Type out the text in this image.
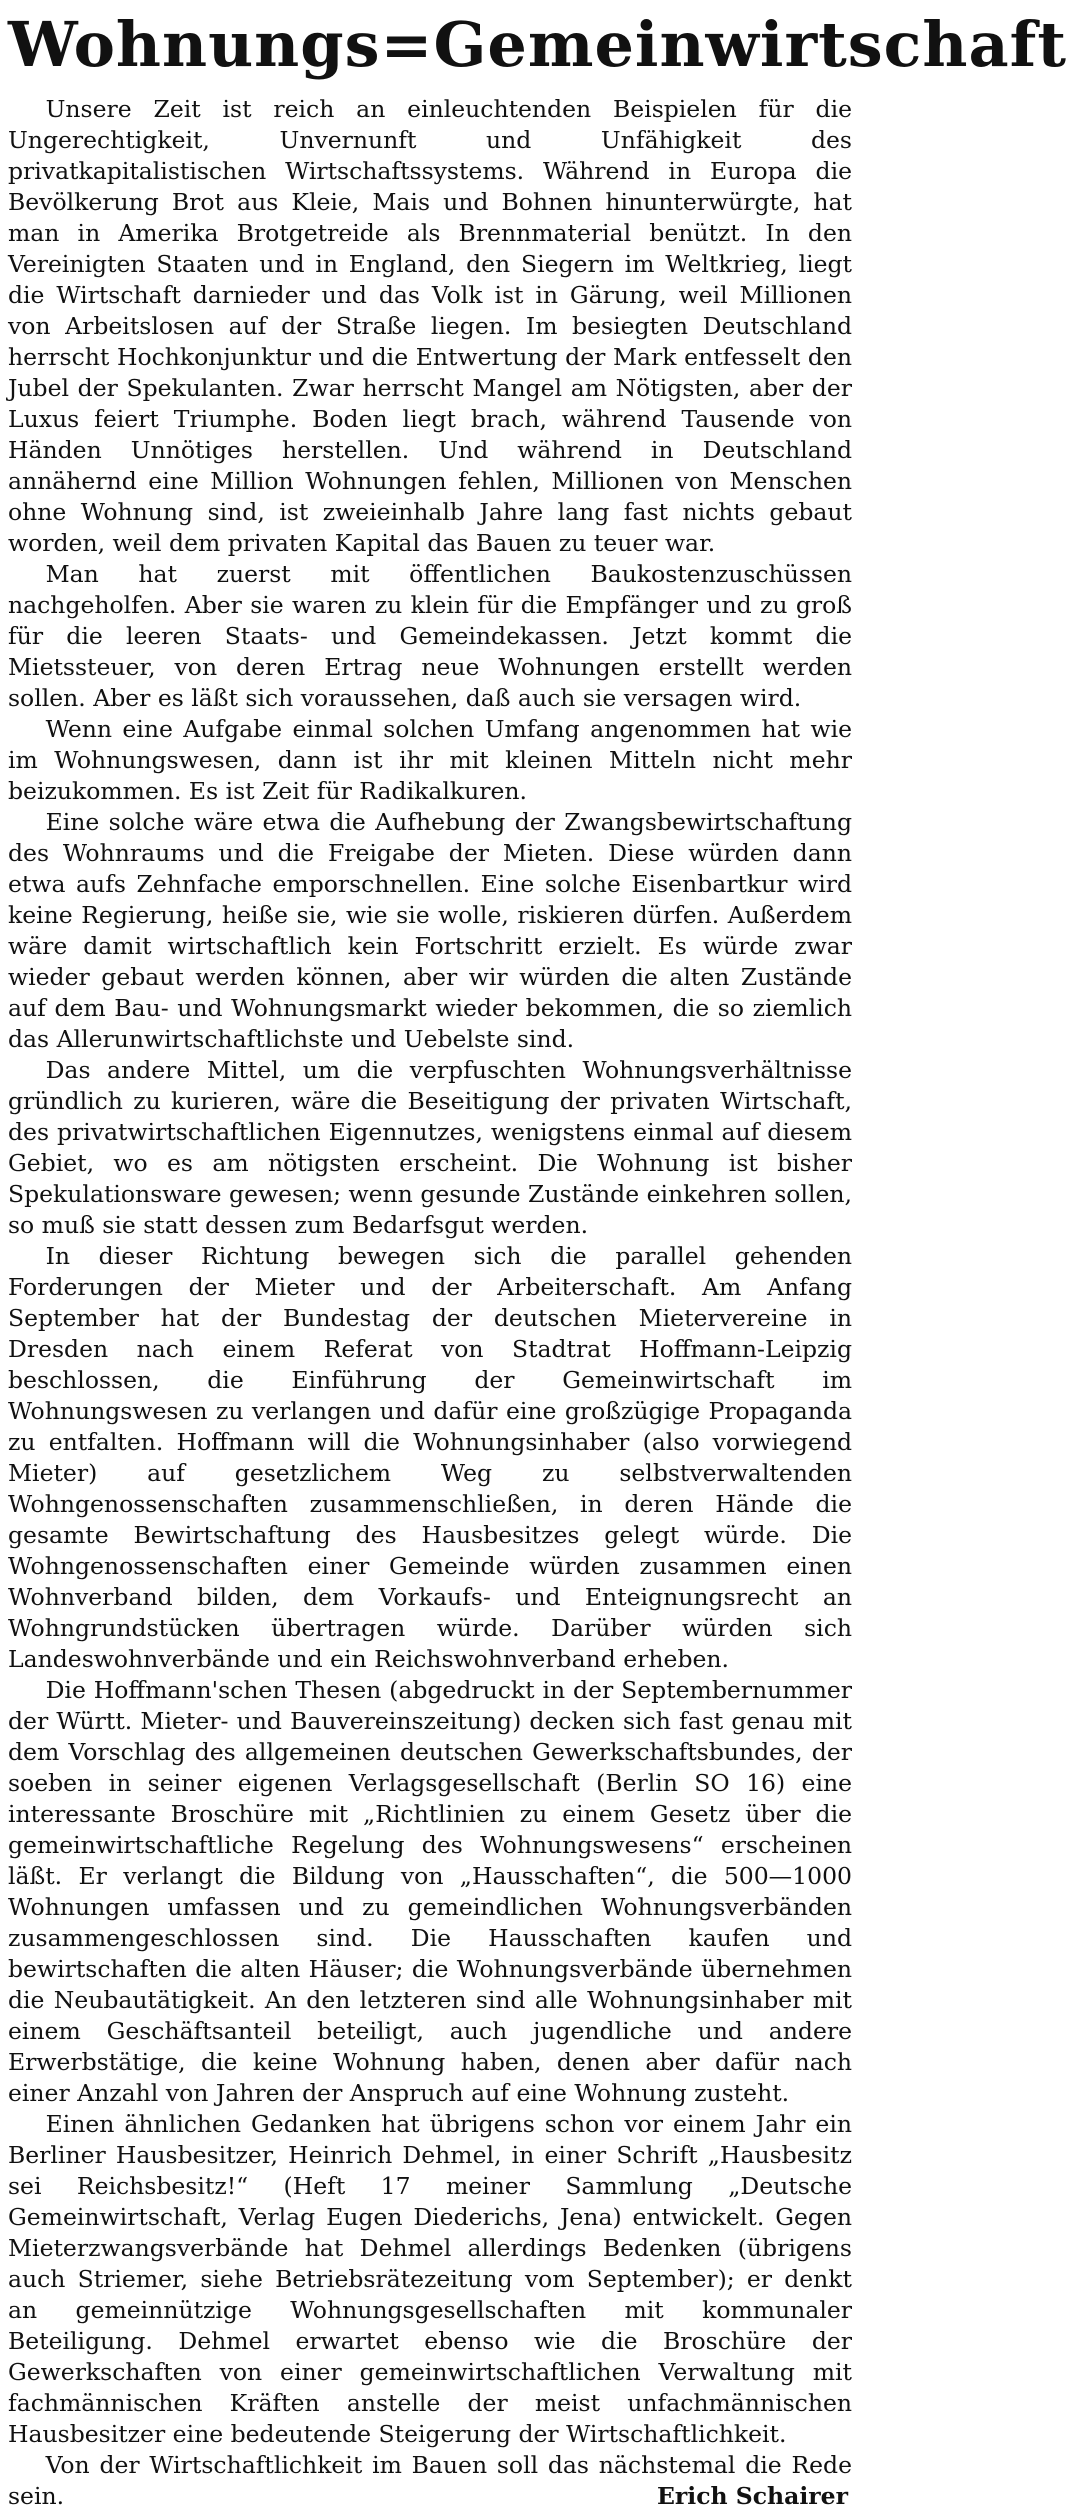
Wohnungs=Gemeinwirtschaft

Unsere Zeit ist reich an einleuchtenden Beispielen für die Ungerechtigkeit, Unvernunft und Unfähigkeit des privatkapitalistischen Wirtschaftssystems. Während in Europa die Bevölkerung Brot aus Kleie, Mais und Bohnen hinunterwürgte, hat man in Amerika Brotgetreide als Brennmaterial benützt. In den Vereinigten Staaten und in England, den Siegern im Weltkrieg, liegt die Wirtschaft darnieder und das Volk ist in Gärung, weil Millionen von Arbeitslosen auf der Straße liegen. Im besiegten Deutschland herrscht Hochkonjunktur und die Entwertung der Mark entfesselt den Jubel der Spekulanten. Zwar herrscht Mangel am Nötigsten, aber der Luxus feiert Triumphe. Boden liegt brach, während Tausende von Händen Unnötiges herstellen. Und während in Deutschland annähernd eine Million Wohnungen fehlen, Millionen von Menschen ohne Wohnung sind, ist zweieinhalb Jahre lang fast nichts gebaut worden, weil dem privaten Kapital das Bauen zu teuer war.

Man hat zuerst mit öffentlichen Baukostenzuschüssen nachgeholfen. Aber sie waren zu klein für die Empfänger und zu groß für die leeren Staats- und Gemeindekassen. Jetzt kommt die Mietssteuer, von deren Ertrag neue Wohnungen erstellt werden sollen. Aber es läßt sich voraussehen, daß auch sie versagen wird.

Wenn eine Aufgabe einmal solchen Umfang angenommen hat wie im Wohnungswesen, dann ist ihr mit kleinen Mitteln nicht mehr beizukommen. Es ist Zeit für Radikalkuren.

Eine solche wäre etwa die Aufhebung der Zwangsbewirtschaftung des Wohnraums und die Freigabe der Mieten. Diese würden dann etwa aufs Zehnfache emporschnellen. Eine solche Eisenbartkur wird keine Regierung, heiße sie, wie sie wolle, riskieren dürfen. Außerdem wäre damit wirtschaftlich kein Fortschritt erzielt. Es würde zwar wieder gebaut werden können, aber wir würden die alten Zustände auf dem Bau- und Wohnungsmarkt wieder bekommen, die so ziemlich das Allerunwirtschaftlichste und Uebelste sind.

Das andere Mittel, um die verpfuschten Wohnungsverhältnisse gründlich zu kurieren, wäre die Beseitigung der privaten Wirtschaft, des privatwirtschaftlichen Eigennutzes, wenigstens einmal auf diesem Gebiet, wo es am nötigsten erscheint. Die Wohnung ist bisher Spekulationsware gewesen; wenn gesunde Zustände einkehren sollen, so muß sie statt dessen zum Bedarfsgut werden.

In dieser Richtung bewegen sich die parallel gehenden Forderungen der Mieter und der Arbeiterschaft. Am Anfang September hat der Bundestag der deutschen Mietervereine in Dresden nach einem Referat von Stadtrat Hoffmann-Leipzig beschlossen, die Einführung der Gemeinwirtschaft im Wohnungswesen zu verlangen und dafür eine großzügige Propaganda zu entfalten. Hoffmann will die Wohnungsinhaber (also vorwiegend Mieter) auf gesetzlichem Weg zu selbstverwaltenden Wohngenossenschaften zusammenschließen, in deren Hände die gesamte Bewirtschaftung des Hausbesitzes gelegt würde. Die Wohngenossenschaften einer Gemeinde würden zusammen einen Wohnverband bilden, dem Vorkaufs- und Enteignungsrecht an Wohngrundstücken übertragen würde. Darüber würden sich Landeswohnverbände und ein Reichswohnverband erheben.

Die Hoffmann'schen Thesen (abgedruckt in der Septembernummer der Württ. Mieter- und Bauvereinszeitung) decken sich fast genau mit dem Vorschlag des allgemeinen deutschen Gewerkschaftsbundes, der soeben in seiner eigenen Verlagsgesellschaft (Berlin SO 16) eine interessante Broschüre mit „Richtlinien zu einem Gesetz über die gemeinwirtschaftliche Regelung des Wohnungswesens“ erscheinen läßt. Er verlangt die Bildung von „Hausschaften“, die 500—1000 Wohnungen umfassen und zu gemeindlichen Wohnungsverbänden zusammengeschlossen sind. Die Hausschaften kaufen und bewirtschaften die alten Häuser; die Wohnungsverbände übernehmen die Neubautätigkeit. An den letzteren sind alle Wohnungsinhaber mit einem Geschäftsanteil beteiligt, auch jugendliche und andere Erwerbstätige, die keine Wohnung haben, denen aber dafür nach einer Anzahl von Jahren der Anspruch auf eine Wohnung zusteht.

Einen ähnlichen Gedanken hat übrigens schon vor einem Jahr ein Berliner Hausbesitzer, Heinrich Dehmel, in einer Schrift „Hausbesitz sei Reichsbesitz!“ (Heft 17 meiner Sammlung „Deutsche Gemeinwirtschaft, Verlag Eugen Diederichs, Jena) entwickelt. Gegen Mieterzwangsverbände hat Dehmel allerdings Bedenken (übrigens auch Striemer, siehe Betriebsrätezeitung vom September); er denkt an gemeinnützige Wohnungsgesellschaften mit kommunaler Beteiligung. Dehmel erwartet ebenso wie die Broschüre der Gewerkschaften von einer gemeinwirtschaftlichen Verwaltung mit fachmännischen Kräften anstelle der meist unfachmännischen Hausbesitzer eine bedeutende Steigerung der Wirtschaftlichkeit.

Von der Wirtschaftlichkeit im Bauen soll das nächstemal die Rede sein.	Erich Schairer
